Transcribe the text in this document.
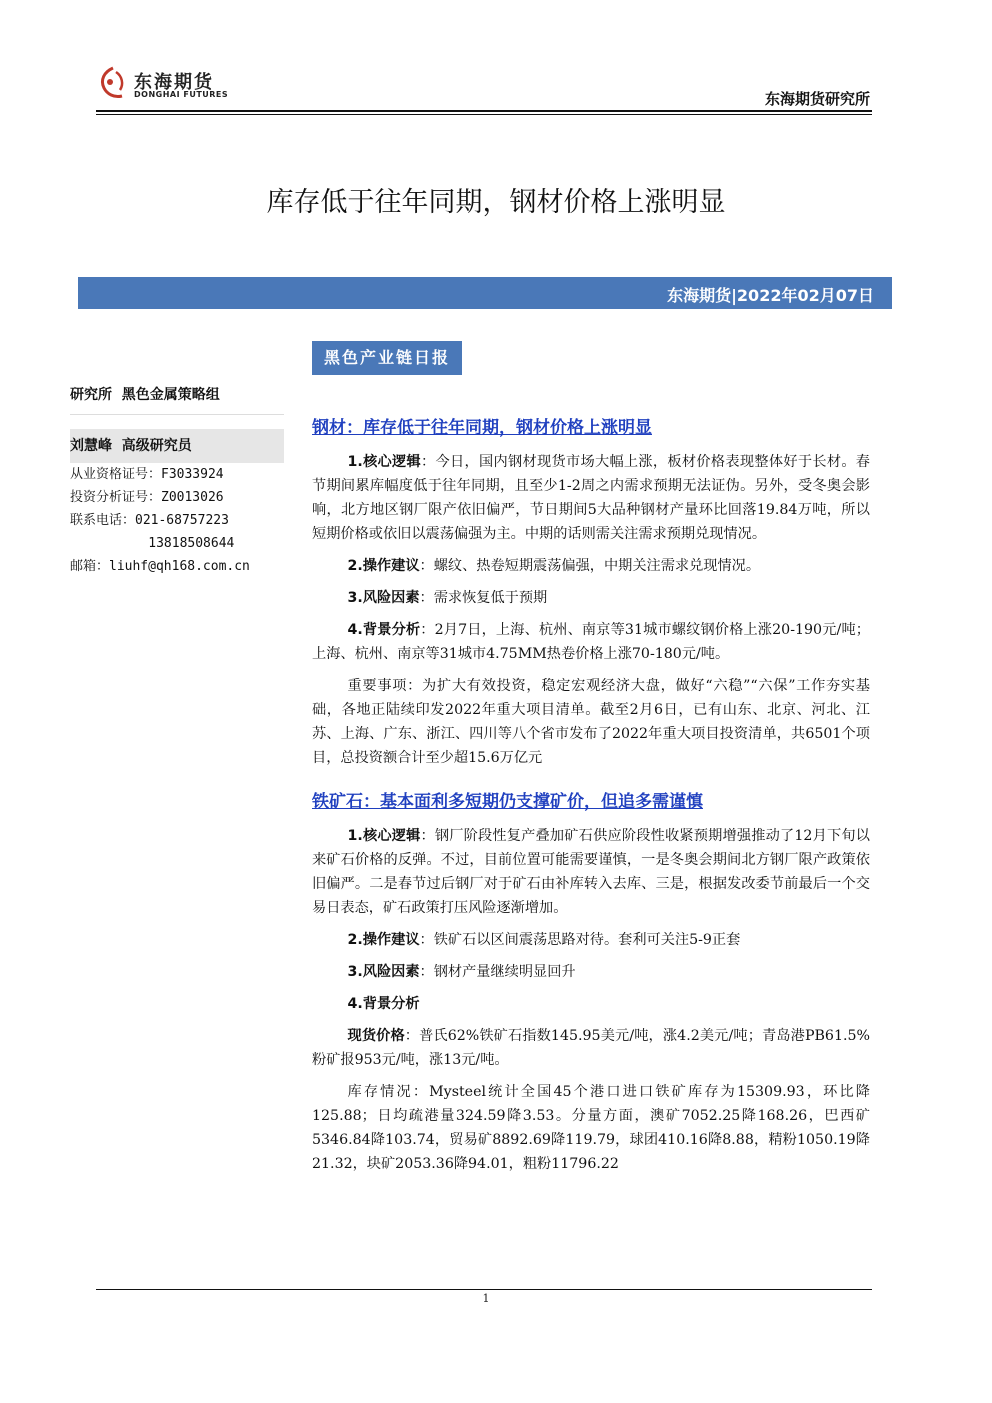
东海期货
DONGHAI FUTURES	东海期货研究所
库存低于往年同期，钢材价格上涨明显
东海期货|2022年02月07日
黑色产业链日报
研究所  黑色金属策略组
刘慧峰  高级研究员
从业资格证号：F3033924
投资分析证号：Z0013026
联系电话：021-68757223
13818508644
邮箱：liuhf@qh168.com.cn
钢材：库存低于往年同期，钢材价格上涨明显

1.核心逻辑：今日，国内钢材现货市场大幅上涨，板材价格表现整体好于长材。春节期间累库幅度低于往年同期，且至少1-2周之内需求预期无法证伪。另外，受冬奥会影响，北方地区钢厂限产依旧偏严，节日期间5大品种钢材产量环比回落19.84万吨，所以短期价格或依旧以震荡偏强为主。中期的话则需关注需求预期兑现情况。

2.操作建议：螺纹、热卷短期震荡偏强，中期关注需求兑现情况。

3.风险因素：需求恢复低于预期

4.背景分析：2月7日，上海、杭州、南京等31城市螺纹钢价格上涨20-190元/吨；上海、杭州、南京等31城市4.75MM热卷价格上涨70-180元/吨。

重要事项：为扩大有效投资，稳定宏观经济大盘，做好“六稳”“六保”工作夯实基础，各地正陆续印发2022年重大项目清单。截至2月6日，已有山东、北京、河北、江苏、上海、广东、浙江、四川等八个省市发布了2022年重大项目投资清单，共6501个项目，总投资额合计至少超15.6万亿元

铁矿石：基本面利多短期仍支撑矿价，但追多需谨慎

1.核心逻辑：钢厂阶段性复产叠加矿石供应阶段性收紧预期增强推动了12月下旬以来矿石价格的反弹。不过，目前位置可能需要谨慎，一是冬奥会期间北方钢厂限产政策依旧偏严。二是春节过后钢厂对于矿石由补库转入去库、三是，根据发改委节前最后一个交易日表态，矿石政策打压风险逐渐增加。

2.操作建议：铁矿石以区间震荡思路对待。套利可关注5-9正套

3.风险因素：钢材产量继续明显回升

4.背景分析

现货价格：普氏62%铁矿石指数145.95美元/吨，涨4.2美元/吨；青岛港PB61.5%粉矿报953元/吨，涨13元/吨。

库存情况：Mysteel统计全国45个港口进口铁矿库存为15309.93，环比降125.88；日均疏港量324.59降3.53。分量方面，澳矿7052.25降168.26，巴西矿5346.84降103.74，贸易矿8892.69降119.79，球团410.16降8.88，精粉1050.19降21.32，块矿2053.36降94.01，粗粉11796.22

1
